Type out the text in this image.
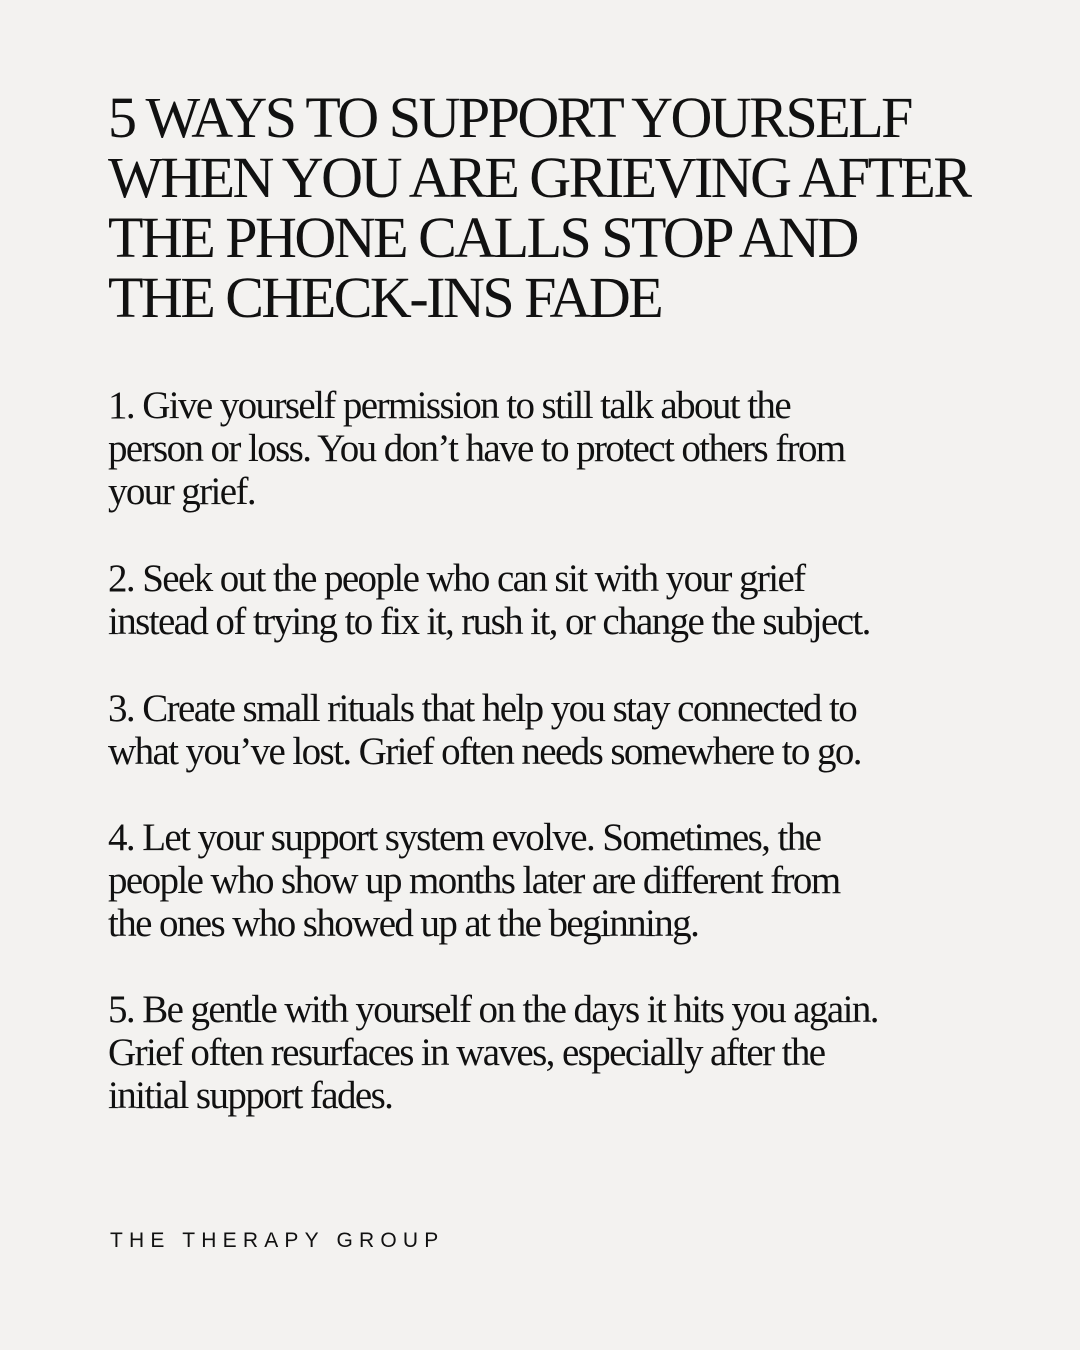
5 WAYS TO SUPPORT YOURSELF
WHEN YOU ARE GRIEVING AFTER
THE PHONE CALLS STOP AND
THE CHECK-INS FADE

1. Give yourself permission to still talk about the
person or loss. You don’t have to protect others from
your grief.

2. Seek out the people who can sit with your grief
instead of trying to fix it, rush it, or change the subject.

3. Create small rituals that help you stay connected to
what you’ve lost. Grief often needs somewhere to go.

4. Let your support system evolve. Sometimes, the
people who show up months later are different from
the ones who showed up at the beginning.

5. Be gentle with yourself on the days it hits you again.
Grief often resurfaces in waves, especially after the
initial support fades.

THE THERAPY GROUP
